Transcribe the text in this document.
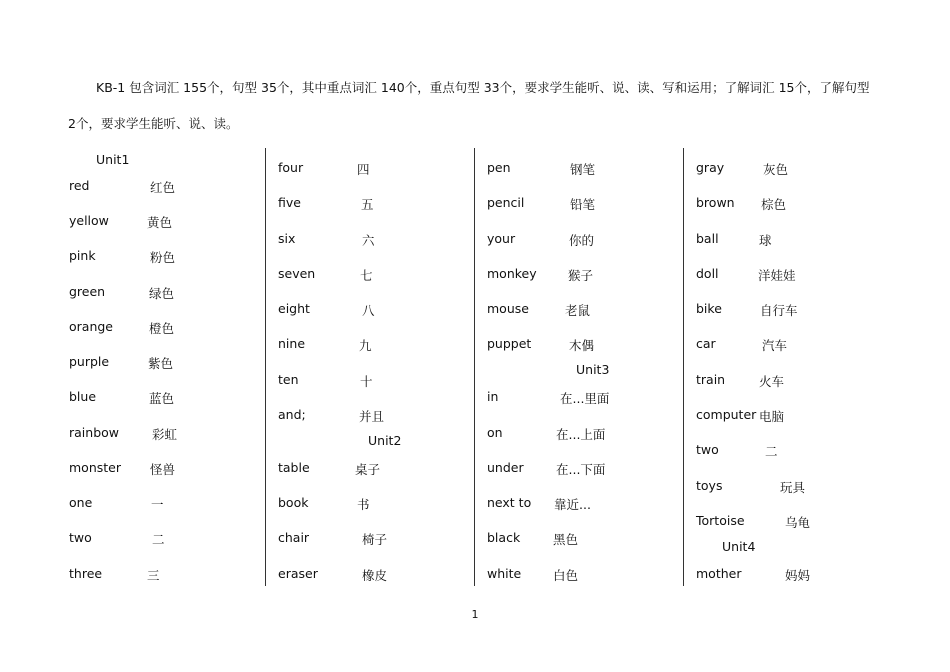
KB-1 包含词汇 155个，句型 35个，其中重点词汇 140个，重点句型 33个，要求学生能听、说、读、写和运用；了解词汇 15个，了解句型
2个，要求学生能听、说、读。
Unit1
red	红色
yellow	黄色
pink	粉色
green	绿色
orange	橙色
purple	紫色
blue	蓝色
rainbow	彩虹
monster 怪兽
one	一
two	二
three	三
four	四
five	五
six	六
seven	七
eight	八
nine	九
ten	十
and;	并且
Unit2
table	桌子
book	书
chair	椅子
eraser	橡皮
pen	钢笔
pencil	铅笔
your	你的
monkey	猴子
mouse	老鼠
puppet	木偶
Unit3
in	在...里面
on	在...上面
under	在...下面
next to 靠近...
black	黑色
white	白色
gray	灰色
brown 棕色
ball	球
doll	洋娃娃
bike	自行车
car	汽车
train	火车
computer 电脑
two	二
toys	玩具
Tortoise	乌龟
Unit4
mother	妈妈
1
